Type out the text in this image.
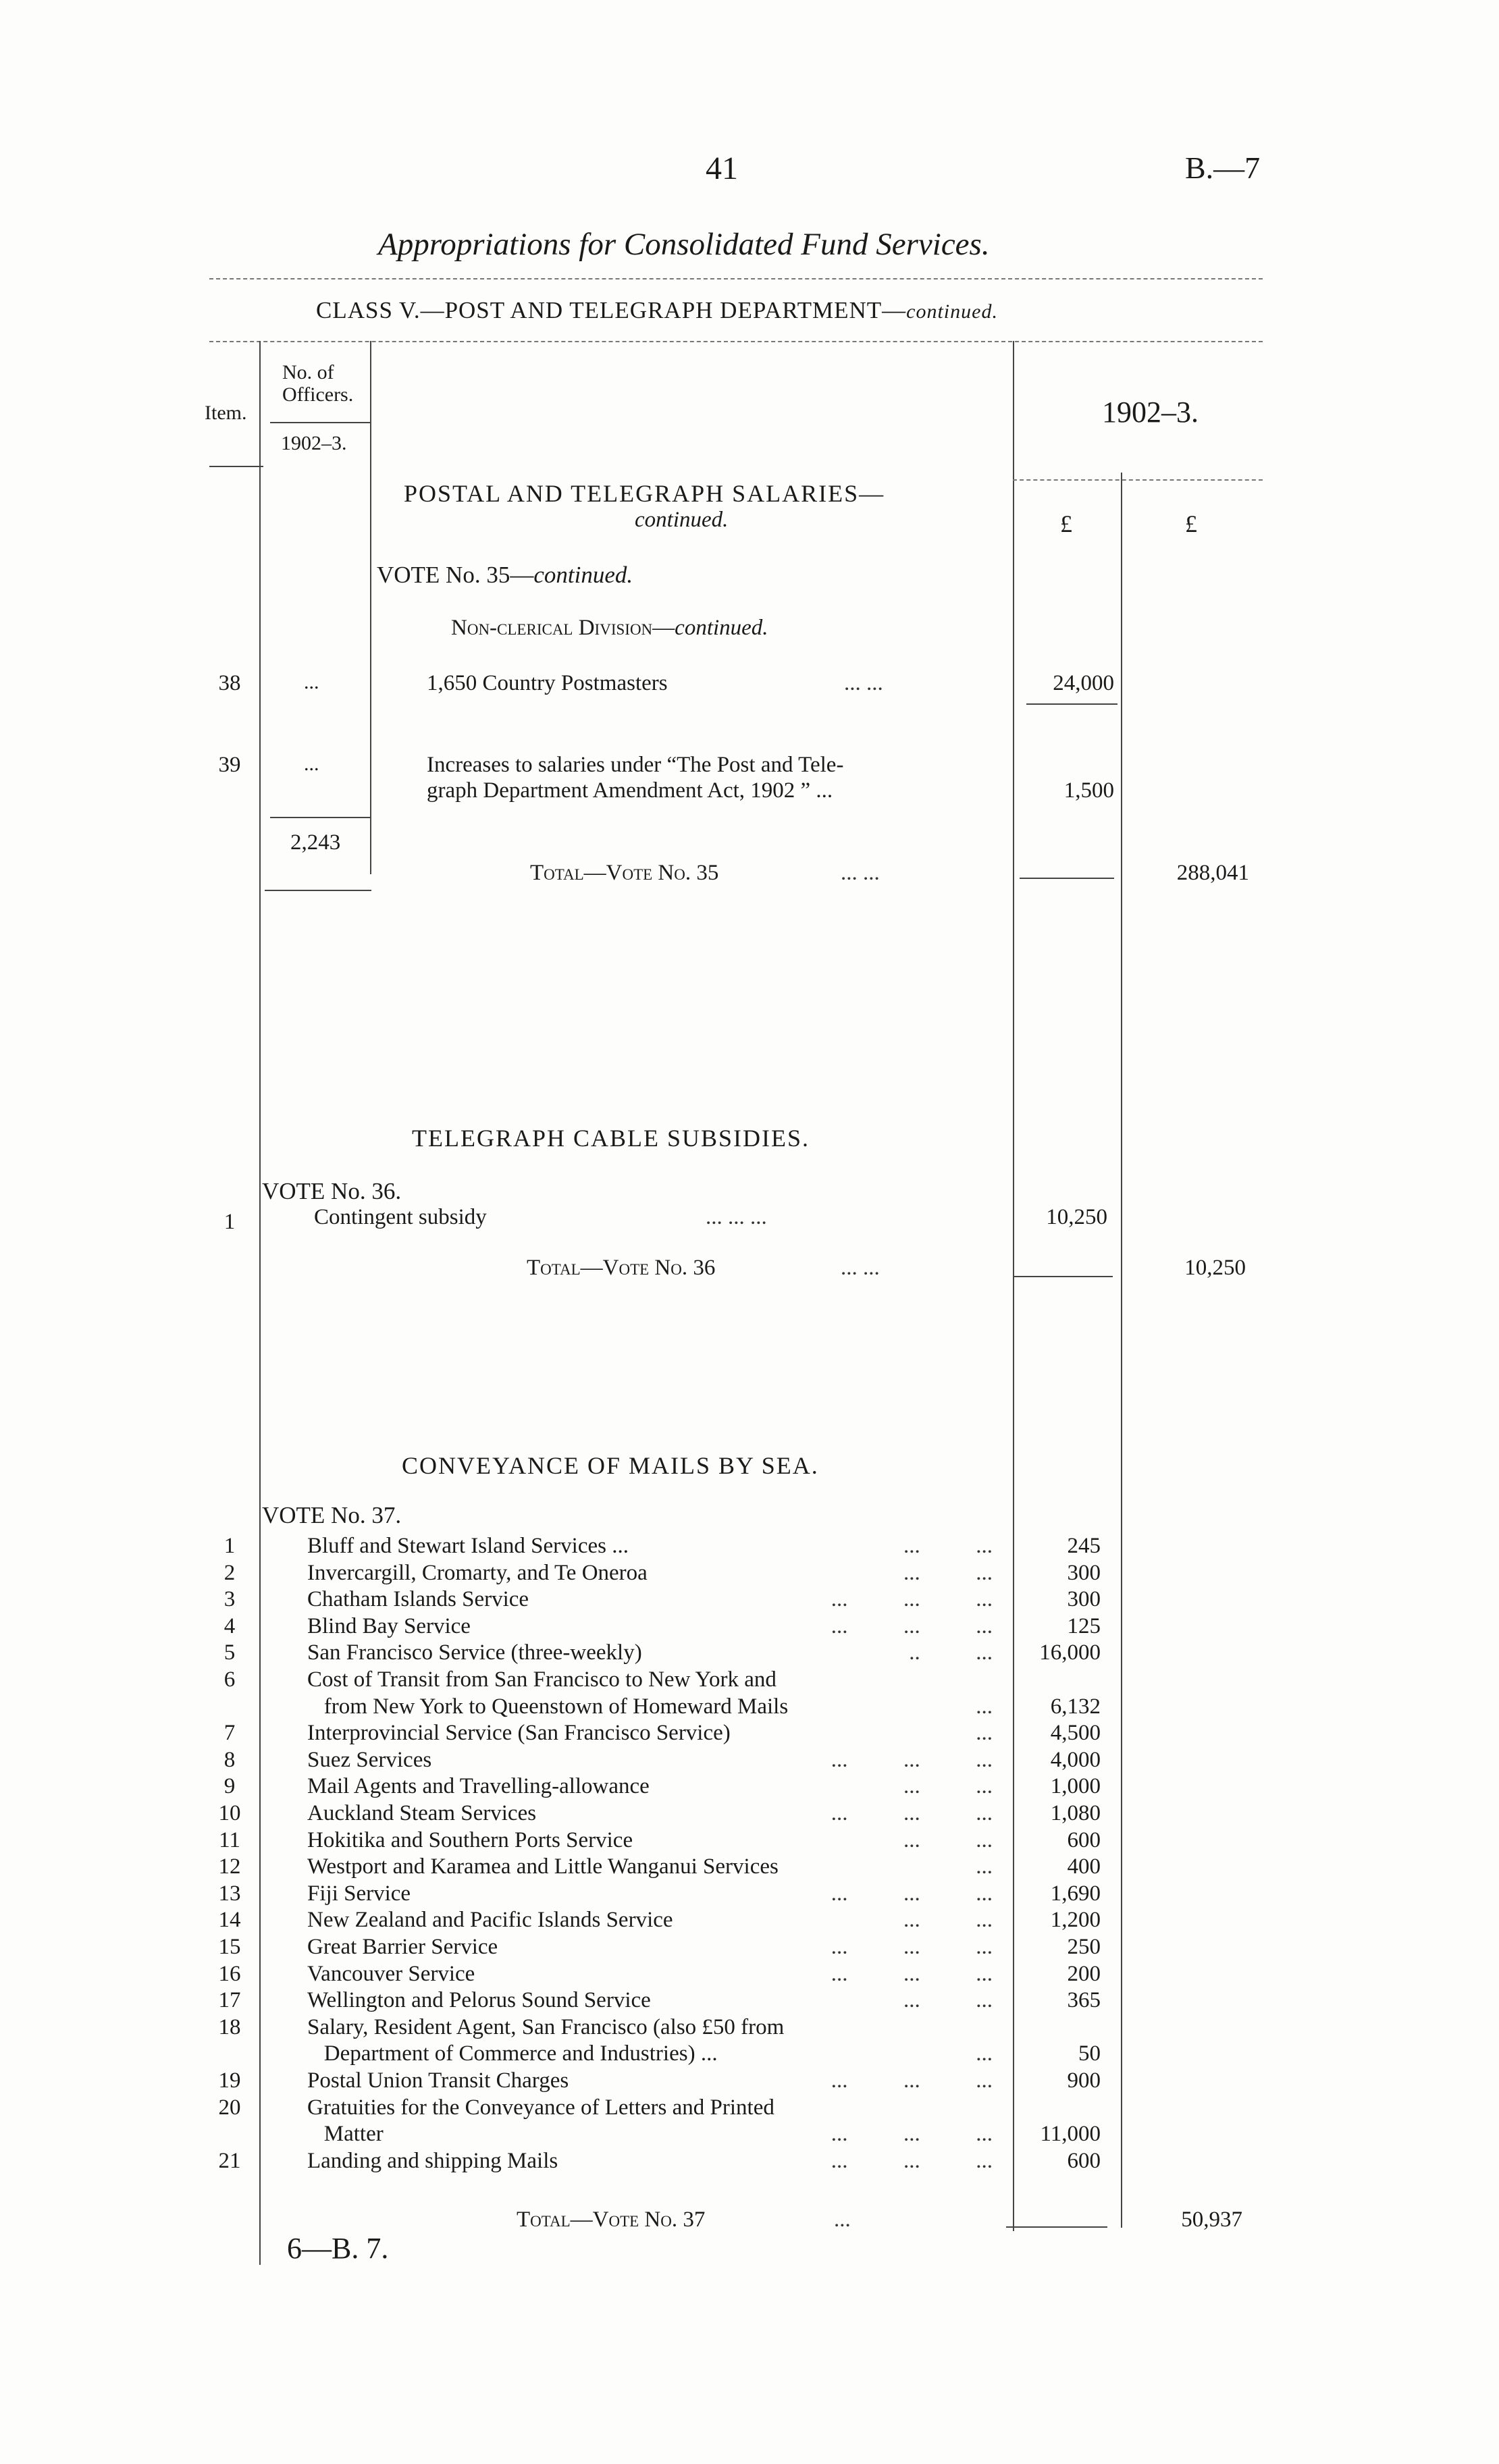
41	B.—7
Appropriations for Consolidated Fund Services.
CLASS V.—POST AND TELEGRAPH DEPARTMENT—continued.
Item.
No. of
Officers.
1902–3.
1902–3.
£	£
POSTAL AND TELEGRAPH SALARIES—
continued.
VOTE No. 35—continued.
Non-clerical Division—continued.
38	...	1,650 Country Postmasters	... ...	24,000
39	...	Increases to salaries under “The Post and Tele-
graph Department Amendment Act, 1902 ” ...	1,500
2,243
Total—Vote No. 35	... ...	288,041
TELEGRAPH CABLE SUBSIDIES.
VOTE No. 36.
1	Contingent subsidy	... ... ...	10,250
Total—Vote No. 36	... ...	10,250
CONVEYANCE OF MAILS BY SEA.
VOTE No. 37.
1	Bluff and Stewart Island Services ...	...          ...	245
2	Invercargill, Cromarty, and Te Oneroa	...          ...	300
3	Chatham Islands Service	...          ...          ...	300
4	Blind Bay Service	...          ...          ...	125
5	San Francisco Service (three-weekly)	..          ...	16,000
6	Cost of Transit from San Francisco to New York and
from New York to Queenstown of Homeward Mails	...	6,132
7	Interprovincial Service (San Francisco Service)	...	4,500
8	Suez Services	...          ...          ...	4,000
9	Mail Agents and Travelling-allowance	...          ...	1,000
10	Auckland Steam Services	...          ...          ...	1,080
11	Hokitika and Southern Ports Service	...          ...	600
12	Westport and Karamea and Little Wanganui Services	...	400
13	Fiji Service	...          ...          ...	1,690
14	New Zealand and Pacific Islands Service	...          ...	1,200
15	Great Barrier Service	...          ...          ...	250
16	Vancouver Service	...          ...          ...	200
17	Wellington and Pelorus Sound Service	...          ...	365
18	Salary, Resident Agent, San Francisco (also £50 from
Department of Commerce and Industries) ...	...	50
19	Postal Union Transit Charges	...          ...          ...	900
20	Gratuities for the Conveyance of Letters and Printed
Matter	...          ...          ...	11,000
21	Landing and shipping Mails	...          ...          ...	600
Total—Vote No. 37	...	50,937
6—B. 7.
